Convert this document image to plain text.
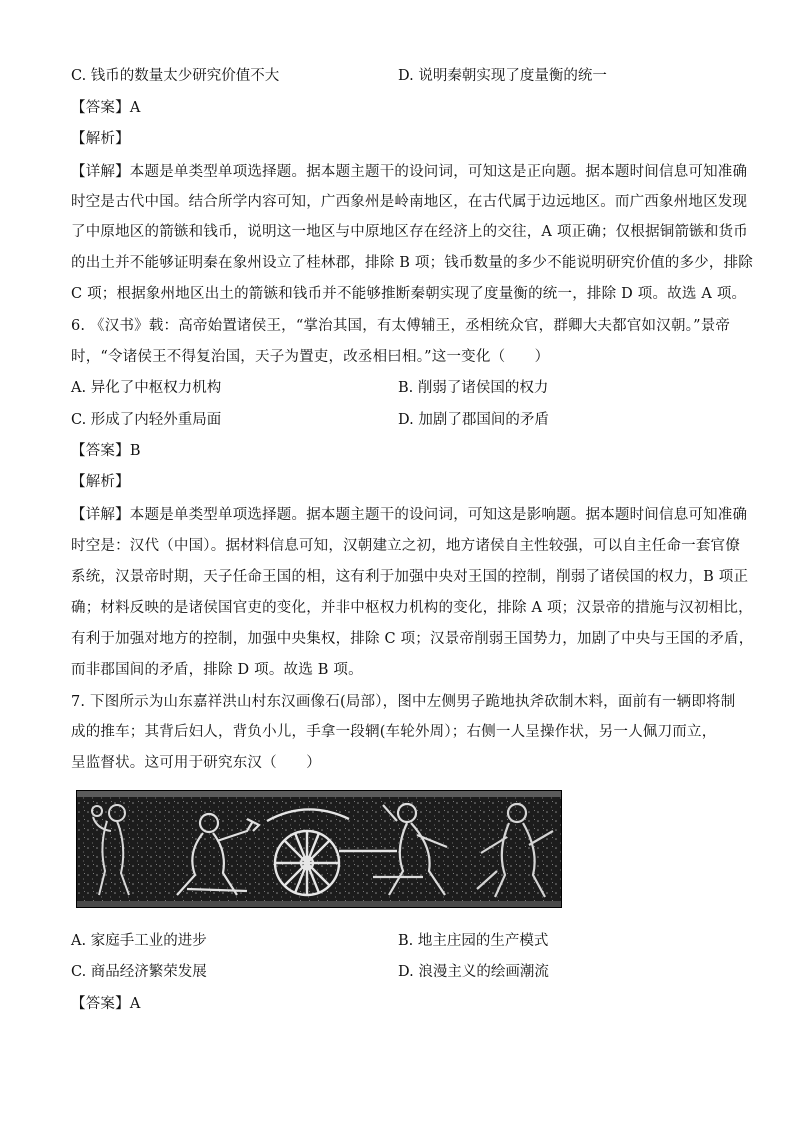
C. 钱币的数量太少研究价值不大	D. 说明秦朝实现了度量衡的统一
【答案】A
【解析】
【详解】本题是单类型单项选择题。据本题主题干的设问词，可知这是正向题。据本题时间信息可知准确
时空是古代中国。结合所学内容可知，广西象州是岭南地区，在古代属于边远地区。而广西象州地区发现
了中原地区的箭镞和钱币，说明这一地区与中原地区存在经济上的交往，A 项正确；仅根据铜箭镞和货币
的出土并不能够证明秦在象州设立了桂林郡，排除 B 项；钱币数量的多少不能说明研究价值的多少，排除
C 项；根据象州地区出土的箭镞和钱币并不能够推断秦朝实现了度量衡的统一，排除 D 项。故选 A 项。
6. 《汉书》载：高帝始置诸侯王，“掌治其国，有太傅辅王，丞相统众官，群卿大夫都官如汉朝。”景帝
时，“令诸侯王不得复治国，天子为置吏，改丞相曰相。”这一变化（　　）
A. 异化了中枢权力机构	B. 削弱了诸侯国的权力
C. 形成了内轻外重局面	D. 加剧了郡国间的矛盾
【答案】B
【解析】
【详解】本题是单类型单项选择题。据本题主题干的设问词，可知这是影响题。据本题时间信息可知准确
时空是：汉代（中国）。据材料信息可知，汉朝建立之初，地方诸侯自主性较强，可以自主任命一套官僚
系统，汉景帝时期，天子任命王国的相，这有利于加强中央对王国的控制，削弱了诸侯国的权力，B 项正
确；材料反映的是诸侯国官吏的变化，并非中枢权力机构的变化，排除 A 项；汉景帝的措施与汉初相比，
有利于加强对地方的控制，加强中央集权，排除 C 项；汉景帝削弱王国势力，加剧了中央与王国的矛盾，
而非郡国间的矛盾，排除 D 项。故选 B 项。
7. 下图所示为山东嘉祥洪山村东汉画像石(局部），图中左侧男子跪地执斧砍制木料，面前有一辆即将制
成的推车；其背后妇人，背负小儿，手拿一段辋(车轮外周）；右侧一人呈操作状，另一人佩刀而立，
呈监督状。这可用于研究东汉（　　）
A. 家庭手工业的进步	B. 地主庄园的生产模式
C. 商品经济繁荣发展	D. 浪漫主义的绘画潮流
【答案】A
